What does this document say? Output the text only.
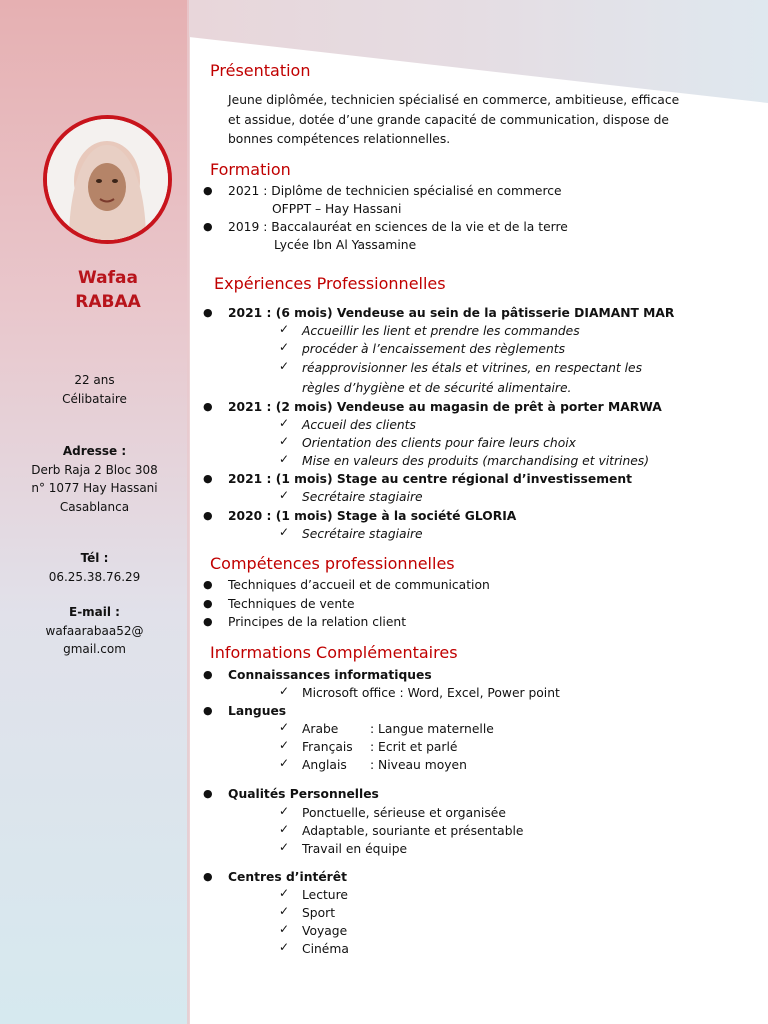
Wafaa
RABAA
22 ans
Célibataire
Adresse :
Derb Raja 2 Bloc 308
n° 1077 Hay Hassani
Casablanca
Tél :
06.25.38.76.29
E-mail :
wafaarabaa52@
gmail.com
Présentation
Jeune diplômée, technicien spécialisé en commerce, ambitieuse, efficace
et assidue, dotée d’une grande capacité de communication, dispose de
bonnes compétences relationnelles.
Formation
● 2021 : Diplôme de technicien spécialisé en commerce
OFPPT – Hay Hassani
● 2019 : Baccalauréat en sciences de la vie et de la terre
Lycée Ibn Al Yassamine
Expériences Professionnelles
● 2021 : (6 mois) Vendeuse au sein de la pâtisserie DIAMANT MAR
✓ Accueillir les lient et prendre les commandes
✓ procéder à l’encaissement des règlements
✓ réapprovisionner les étals et vitrines, en respectant les
règles d’hygiène et de sécurité alimentaire.
● 2021 : (2 mois) Vendeuse au magasin de prêt à porter MARWA
✓ Accueil des clients
✓ Orientation des clients pour faire leurs choix
✓ Mise en valeurs des produits (marchandising et vitrines)
● 2021 : (1 mois) Stage au centre régional d’investissement
✓ Secrétaire stagiaire
● 2020 : (1 mois) Stage à la société GLORIA
✓ Secrétaire stagiaire
Compétences professionnelles
● Techniques d’accueil et de communication
● Techniques de vente
● Principes de la relation client
Informations Complémentaires
● Connaissances informatiques
✓ Microsoft office : Word, Excel, Power point
● Langues
✓ Arabe	: Langue maternelle
✓ Français : Ecrit et parlé
✓ Anglais : Niveau moyen
● Qualités Personnelles
✓ Ponctuelle, sérieuse et organisée
✓ Adaptable, souriante et présentable
✓ Travail en équipe
● Centres d’intérêt
✓ Lecture
✓ Sport
✓ Voyage
✓ Cinéma
